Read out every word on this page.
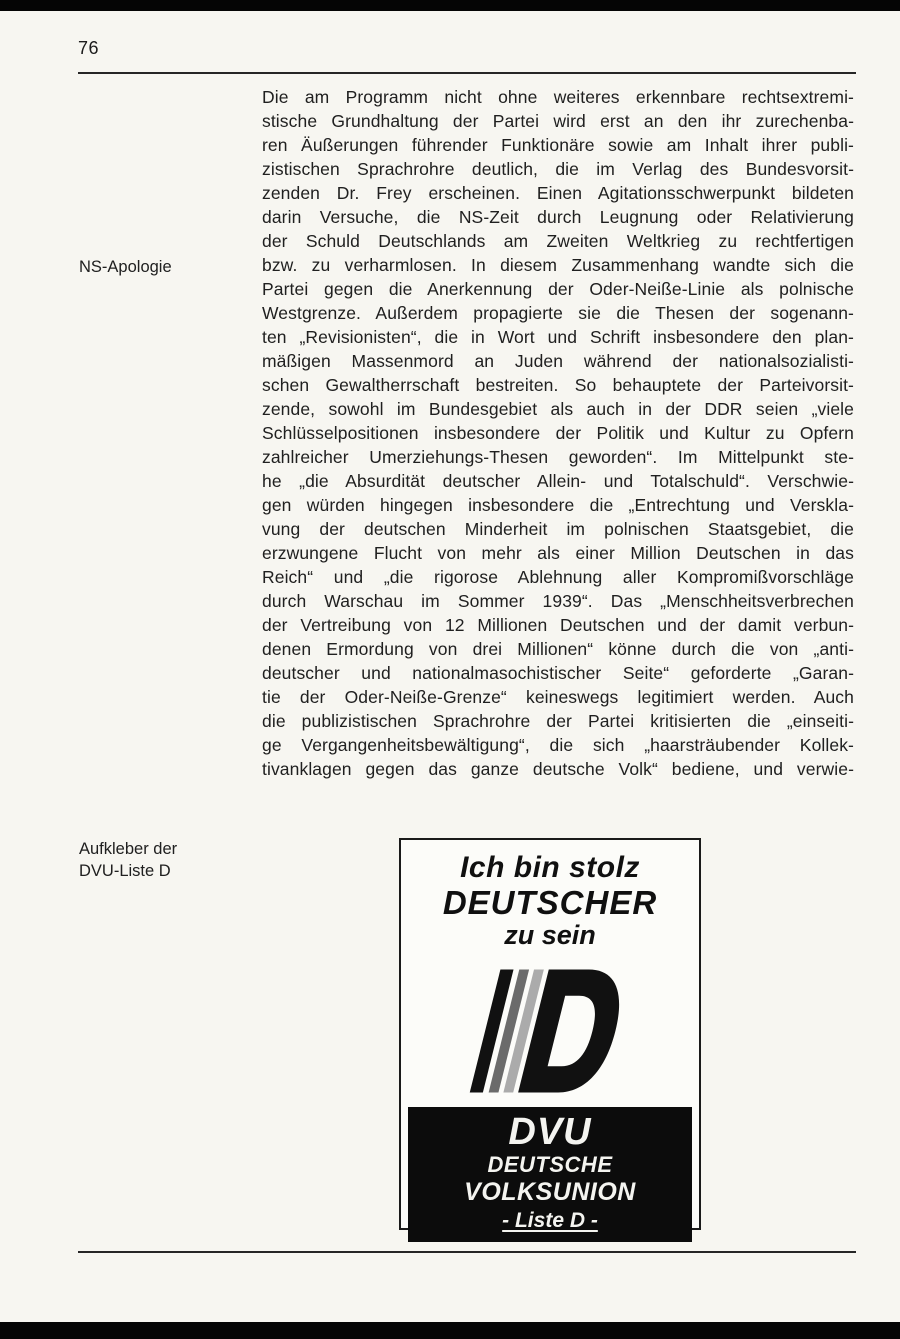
76
NS-Apologie
Die am Programm nicht ohne weiteres erkennbare rechtsextremi-
stische Grundhaltung der Partei wird erst an den ihr zurechenba-
ren Äußerungen führender Funktionäre sowie am Inhalt ihrer publi-
zistischen Sprachrohre deutlich, die im Verlag des Bundesvorsit-
zenden Dr. Frey erscheinen. Einen Agitationsschwerpunkt bildeten
darin Versuche, die NS-Zeit durch Leugnung oder Relativierung
der Schuld Deutschlands am Zweiten Weltkrieg zu rechtfertigen
bzw. zu verharmlosen. In diesem Zusammenhang wandte sich die
Partei gegen die Anerkennung der Oder-Neiße-Linie als polnische
Westgrenze. Außerdem propagierte sie die Thesen der sogenann-
ten „Revisionisten“, die in Wort und Schrift insbesondere den plan-
mäßigen Massenmord an Juden während der nationalsozialisti-
schen Gewaltherrschaft bestreiten. So behauptete der Parteivorsit-
zende, sowohl im Bundesgebiet als auch in der DDR seien „viele
Schlüsselpositionen insbesondere der Politik und Kultur zu Opfern
zahlreicher Umerziehungs-Thesen geworden“. Im Mittelpunkt ste-
he „die Absurdität deutscher Allein- und Totalschuld“. Verschwie-
gen würden hingegen insbesondere die „Entrechtung und Verskla-
vung der deutschen Minderheit im polnischen Staatsgebiet, die
erzwungene Flucht von mehr als einer Million Deutschen in das
Reich“ und „die rigorose Ablehnung aller Kompromißvorschläge
durch Warschau im Sommer 1939“. Das „Menschheitsverbrechen
der Vertreibung von 12 Millionen Deutschen und der damit verbun-
denen Ermordung von drei Millionen“ könne durch die von „anti-
deutscher und nationalmasochistischer Seite“ geforderte „Garan-
tie der Oder-Neiße-Grenze“ keineswegs legitimiert werden. Auch
die publizistischen Sprachrohre der Partei kritisierten die „einseiti-
ge Vergangenheitsbewältigung“, die sich „haarsträubender Kollek-
tivanklagen gegen das ganze deutsche Volk“ bediene, und verwie-
Aufkleber der
DVU-Liste D	Ich bin stolz
DEUTSCHER
zu sein
DVU
DEUTSCHE
VOLKSUNION
- Liste D -
